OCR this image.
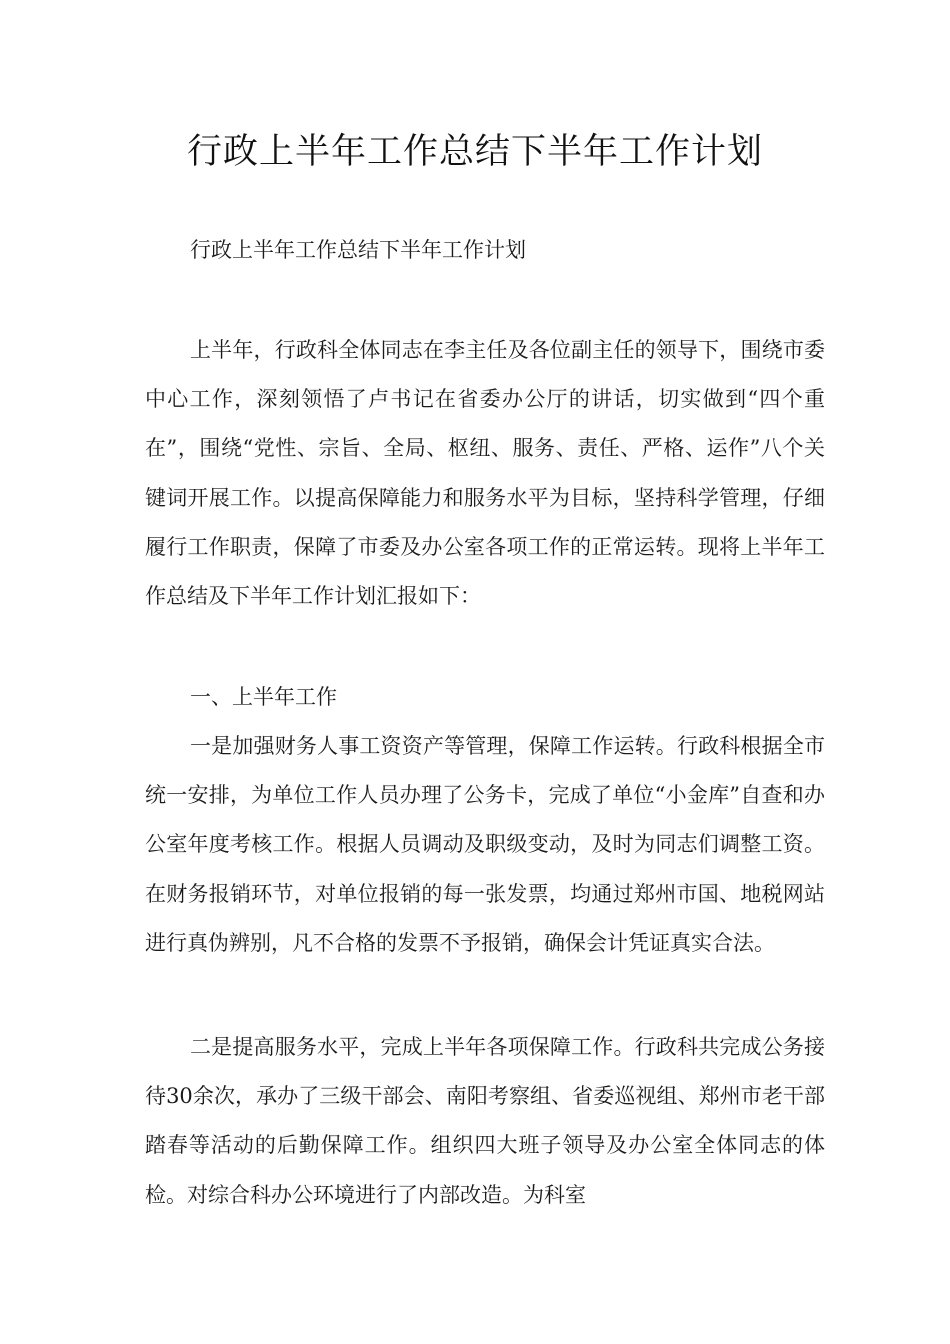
行政上半年工作总结下半年工作计划

行政上半年工作总结下半年工作计划

上半年，行政科全体同志在李主任及各位副主任的领导下，围绕市委中心工作，深刻领悟了卢书记在省委办公厅的讲话，切实做到“四个重在”，围绕“党性、宗旨、全局、枢纽、服务、责任、严格、运作”八个关键词开展工作。以提高保障能力和服务水平为目标，坚持科学管理，仔细履行工作职责，保障了市委及办公室各项工作的正常运转。现将上半年工作总结及下半年工作计划汇报如下：

一、上半年工作

一是加强财务人事工资资产等管理，保障工作运转。行政科根据全市统一安排，为单位工作人员办理了公务卡，完成了单位“小金库”自查和办公室年度考核工作。根据人员调动及职级变动，及时为同志们调整工资。在财务报销环节，对单位报销的每一张发票，均通过郑州市国、地税网站进行真伪辨别，凡不合格的发票不予报销，确保会计凭证真实合法。

二是提高服务水平，完成上半年各项保障工作。行政科共完成公务接待30余次，承办了三级干部会、南阳考察组、省委巡视组、郑州市老干部踏春等活动的后勤保障工作。组织四大班子领导及办公室全体同志的体检。对综合科办公环境进行了内部改造。为科室
